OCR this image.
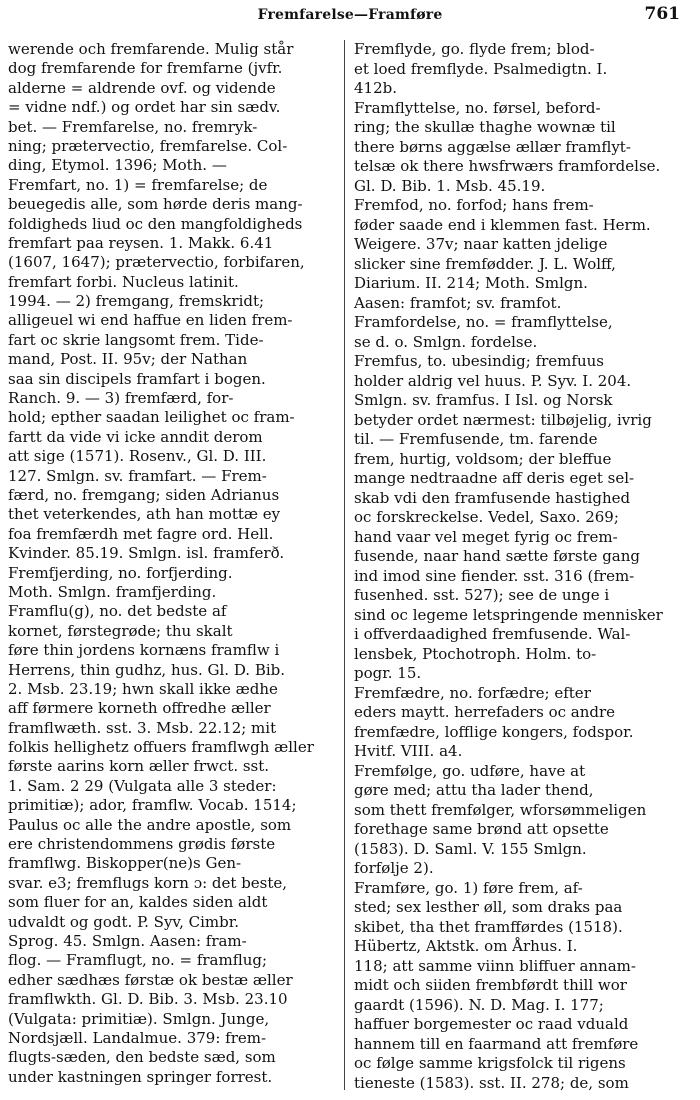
Fremfarelse—Framføre	761
werende och fremfarende. Mulig står
dog fremfarende for fremfarne (jvfr.
alderne = aldrende ovf. og vidende
= vidne ndf.) og ordet har sin sædv.
bet. — Fremfarelse, no. fremryk-
ning; prætervectio, fremfarelse. Col-
ding, Etymol. 1396; Moth. —
Fremfart, no. 1) = fremfarelse; de
beuegedis alle, som hørde deris mang-
foldigheds liud oc den mangfoldigheds
fremfart paa reysen. 1. Makk. 6.41
(1607, 1647); prætervectio, forbifaren,
fremfart forbi. Nucleus latinit.
1994. — 2) fremgang, fremskridt;
alligeuel wi end haffue en liden frem-
fart oc skrie langsomt frem. Tide-
mand, Post. II. 95v; der Nathan
saa sin discipels framfart i bogen.
Ranch. 9. — 3) fremfærd, for-
hold; epther saadan leilighet oc fram-
fartt da vide vi icke anndit derom
att sige (1571). Rosenv., Gl. D. III.
127. Smlgn. sv. framfart. — Frem-
færd, no. fremgang; siden Adrianus
thet veterkendes, ath han mottæ ey
foa fremfærdh met fagre ord. Hell.
Kvinder. 85.19. Smlgn. isl. framferð.
Fremfjerding, no. forfjerding.
Moth. Smlgn. framfjerding.
Framflu(g), no. det bedste af
kornet, førstegrøde; thu skalt
føre thin jordens kornæns framflw i
Herrens, thin gudhz, hus. Gl. D. Bib.
2. Msb. 23.19; hwn skall ikke ædhe
aff førmere korneth offredhe æller
framflwæth. sst. 3. Msb. 22.12; mit
folkis hellighetz offuers framflwgh æller
første aarins korn æller frwct. sst.
1. Sam. 2 29 (Vulgata alle 3 steder:
primitiæ); ador, framflw. Vocab. 1514;
Paulus oc alle the andre apostle, som
ere christendommens grødis første
framflwg. Biskopper(ne)s Gen-
svar. e3; fremflugs korn ɔ: det beste,
som fluer for an, kaldes siden aldt
udvaldt og godt. P. Syv, Cimbr.
Sprog. 45. Smlgn. Aasen: fram-
flog. — Framflugt, no. = framflug;
edher sædhæs førstæ ok bestæ æller
framflwkth. Gl. D. Bib. 3. Msb. 23.10
(Vulgata: primitiæ). Smlgn. Junge,
Nordsjæll. Landalmue. 379: frem-
flugts-sæden, den bedste sæd, som
under kastningen springer forrest.
Fremflyde, go. flyde frem; blod-
et loed fremflyde. Psalmedigtn. I.
412b.
Framflyttelse, no. førsel, beford-
ring; the skullæ thaghe wownæ til
there børns aggælse ællær framflyt-
telsæ ok there hwsfrwærs framfordelse.
Gl. D. Bib. 1. Msb. 45.19.
Fremfod, no. forfod; hans frem-
føder saade end i klemmen fast. Herm.
Weigere. 37v; naar katten jdelige
slicker sine fremfødder. J. L. Wolff,
Diarium. II. 214; Moth. Smlgn.
Aasen: framfot; sv. framfot.
Framfordelse, no. = framflyttelse,
se d. o. Smlgn. fordelse.
Fremfus, to. ubesindig; fremfuus
holder aldrig vel huus. P. Syv. I. 204.
Smlgn. sv. framfus. I Isl. og Norsk
betyder ordet nærmest: tilbøjelig, ivrig
til. — Fremfusende, tm. farende
frem, hurtig, voldsom; der bleffue
mange nedtraadne aff deris eget sel-
skab vdi den framfusende hastighed
oc forskreckelse. Vedel, Saxo. 269;
hand vaar vel meget fyrig oc frem-
fusende, naar hand sætte første gang
ind imod sine fiender. sst. 316 (frem-
fusenhed. sst. 527); see de unge i
sind oc legeme letspringende mennisker
i offverdaadighed fremfusende. Wal-
lensbek, Ptochotroph. Holm. to-
pogr. 15.
Fremfædre, no. forfædre; efter
eders maytt. herrefaders oc andre
fremfædre, lofflige kongers, fodspor.
Hvitf. VIII. a4.
Fremfølge, go. udføre, have at
gøre med; attu tha lader thend,
som thett fremfølger, wforsømmeligen
forethage same brønd att opsette
(1583). D. Saml. V. 155 Smlgn.
forfølje 2).
Framføre, go. 1) føre frem, af-
sted; sex lesther øll, som draks paa
skibet, tha thet framfførdes (1518).
Hübertz, Aktstk. om Århus. I.
118; att samme viinn bliffuer annam-
midt och siiden frembførdt thill wor
gaardt (1596). N. D. Mag. I. 177;
haffuer borgemester oc raad vduald
hannem till en faarmand att fremføre
oc følge samme krigsfolck til rigens
tieneste (1583). sst. II. 278; de, som
